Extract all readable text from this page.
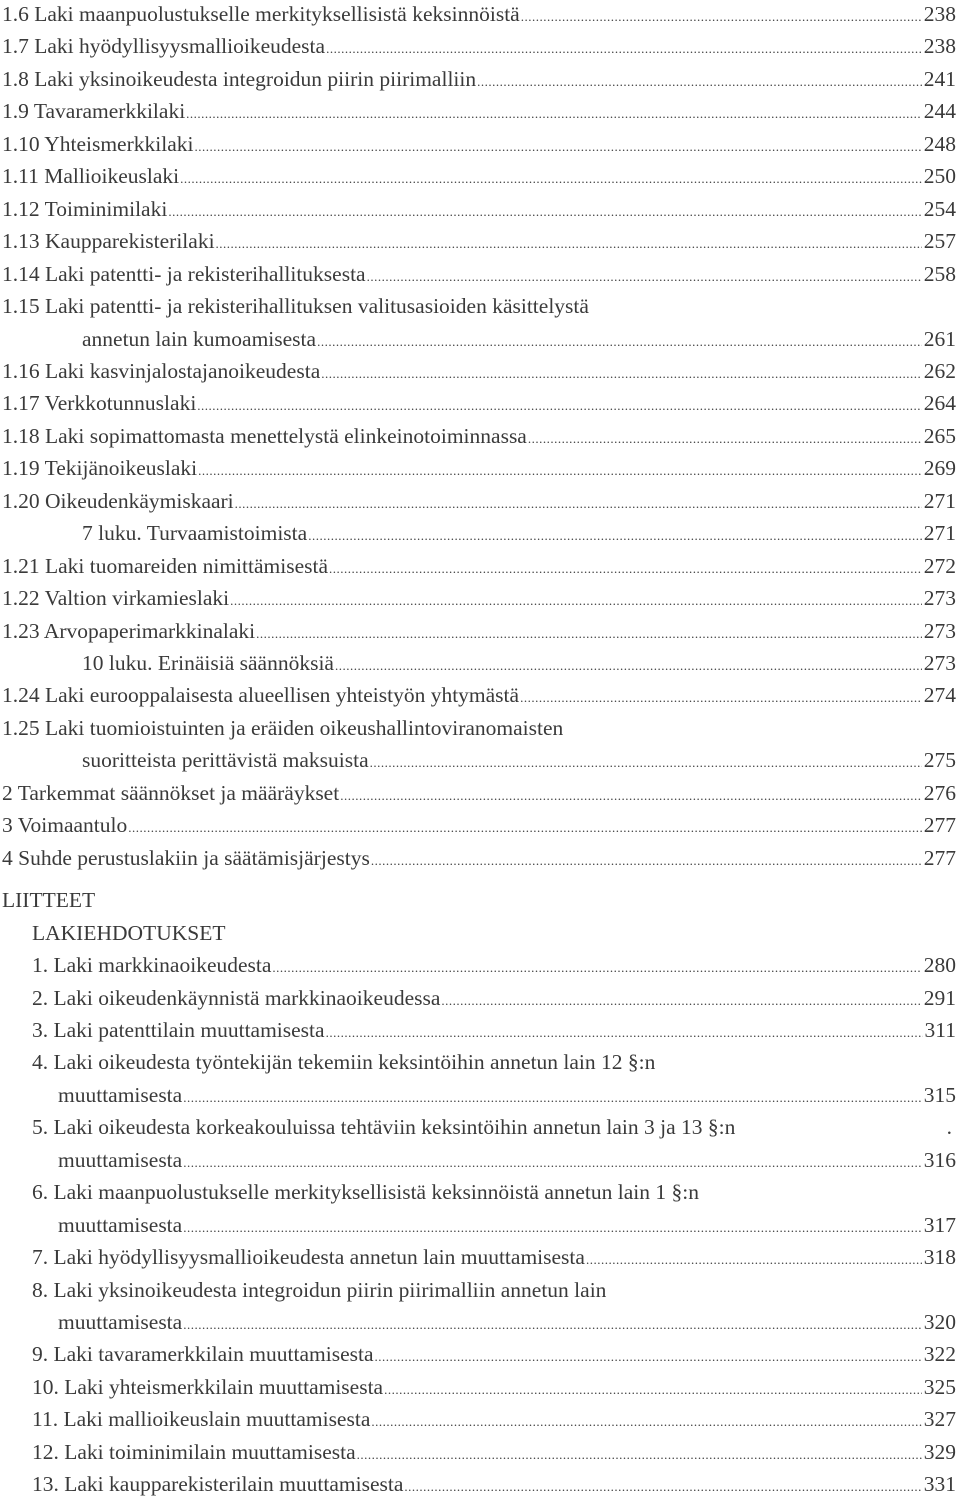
1.6 Laki maanpuolustukselle merkityksellisistä keksinnöistä .....	238
1.7 Laki hyödyllisyysmallioikeudesta .....	238
1.8 Laki yksinoikeudesta integroidun piirin piirimalliin .....	241
1.9 Tavaramerkkilaki .....	244
1.10 Yhteismerkkilaki .....	248
1.11 Mallioikeuslaki .....	250
1.12 Toiminimilaki .....	254
1.13 Kaupparekisterilaki .....	257
1.14 Laki patentti- ja rekisterihallituksesta .....	258
1.15 Laki patentti- ja rekisterihallituksen valitusasioiden käsittelystä
annetun lain kumoamisesta .....	261
1.16 Laki kasvinjalostajanoikeudesta .....	262
1.17 Verkkotunnuslaki .....	264
1.18 Laki sopimattomasta menettelystä elinkeinotoiminnassa .....	265
1.19 Tekijänoikeuslaki .....	269
1.20 Oikeudenkäymiskaari .....	271
7 luku. Turvaamistoimista .....	271
1.21 Laki tuomareiden nimittämisestä .....	272
1.22 Valtion virkamieslaki .....	273
1.23 Arvopaperimarkkinalaki .....	273
10 luku. Erinäisiä säännöksiä .....	273
1.24 Laki eurooppalaisesta alueellisen yhteistyön yhtymästä .....	274
1.25 Laki tuomioistuinten ja eräiden oikeushallintoviranomaisten
suoritteista perittävistä maksuista .....	275
2 Tarkemmat säännökset ja määräykset .....	276
3 Voimaantulo .....	277
4 Suhde perustuslakiin ja säätämisjärjestys .....	277
LIITTEET
LAKIEHDOTUKSET
1. Laki markkinaoikeudesta .....	280
2. Laki oikeudenkäynnistä markkinaoikeudessa .....	291
3. Laki patenttilain muuttamisesta .....	311
4. Laki oikeudesta työntekijän tekemiin keksintöihin annetun lain 12 §:n
muuttamisesta .....	315
5. Laki oikeudesta korkeakouluissa tehtäviin keksintöihin annetun lain 3 ja 13 §:n	.
muuttamisesta .....	316
6. Laki maanpuolustukselle merkityksellisistä keksinnöistä annetun lain 1 §:n
muuttamisesta .....	317
7. Laki hyödyllisyysmallioikeudesta annetun lain muuttamisesta .....	318
8. Laki yksinoikeudesta integroidun piirin piirimalliin annetun lain
muuttamisesta .....	320
9. Laki tavaramerkkilain muuttamisesta .....	322
10. Laki yhteismerkkilain muuttamisesta .....	325
11. Laki mallioikeuslain muuttamisesta .....	327
12. Laki toiminimilain muuttamisesta .....	329
13. Laki kaupparekisterilain muuttamisesta .....	331
